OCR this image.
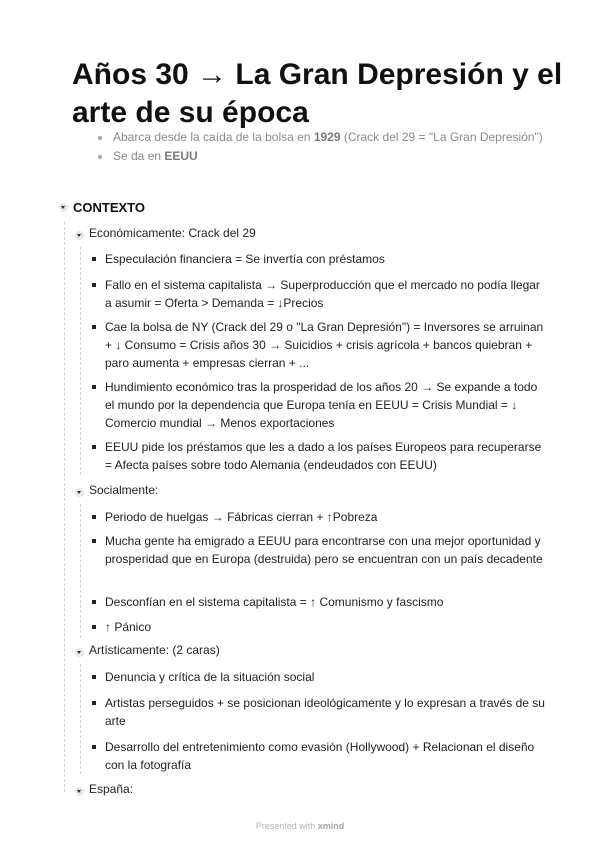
Años 30 → La Gran Depresión y el
arte de su época
Abarca desde la caída de la bolsa en 1929 (Crack del 29 = "La Gran Depresión")
Se da en EEUU
CONTEXTO
Económicamente: Crack del 29
Especulación financiera = Se invertía con préstamos
Fallo en el sistema capitalista → Superproducción que el mercado no podía llegar a asumir = Oferta > Demanda = ↓Precios
Cae la bolsa de NY (Crack del 29 o "La Gran Depresión") = Inversores se arruinan + ↓ Consumo = Crisis años 30 → Suicidios + crisis agrícola + bancos quiebran + paro aumenta + empresas cierran + ...
Hundimiento económico tras la prosperidad de los años 20 → Se expande a todo el mundo por la dependencia que Europa tenía en EEUU = Crisis Mundial = ↓ Comercio mundial → Menos exportaciones
EEUU pide los préstamos que les a dado a los países Europeos para recuperarse = Afecta países sobre todo Alemania (endeudados con EEUU)
Socialmente:
Periodo de huelgas → Fábricas cierran + ↑Pobreza
Mucha gente ha emigrado a EEUU para encontrarse con una mejor oportunidad y prosperidad que en Europa (destruida) pero se encuentran con un país decadente
Desconfían en el sistema capitalista = ↑ Comunismo y fascismo
↑ Pánico
Artísticamente: (2 caras)
Denuncia y crítica de la situación social
Artistas perseguidos + se posicionan ideológicamente y lo expresan a través de su arte
Desarrollo del entretenimiento como evasión (Hollywood) + Relacionan el diseño con la fotografía
España:
Presented with xmind
